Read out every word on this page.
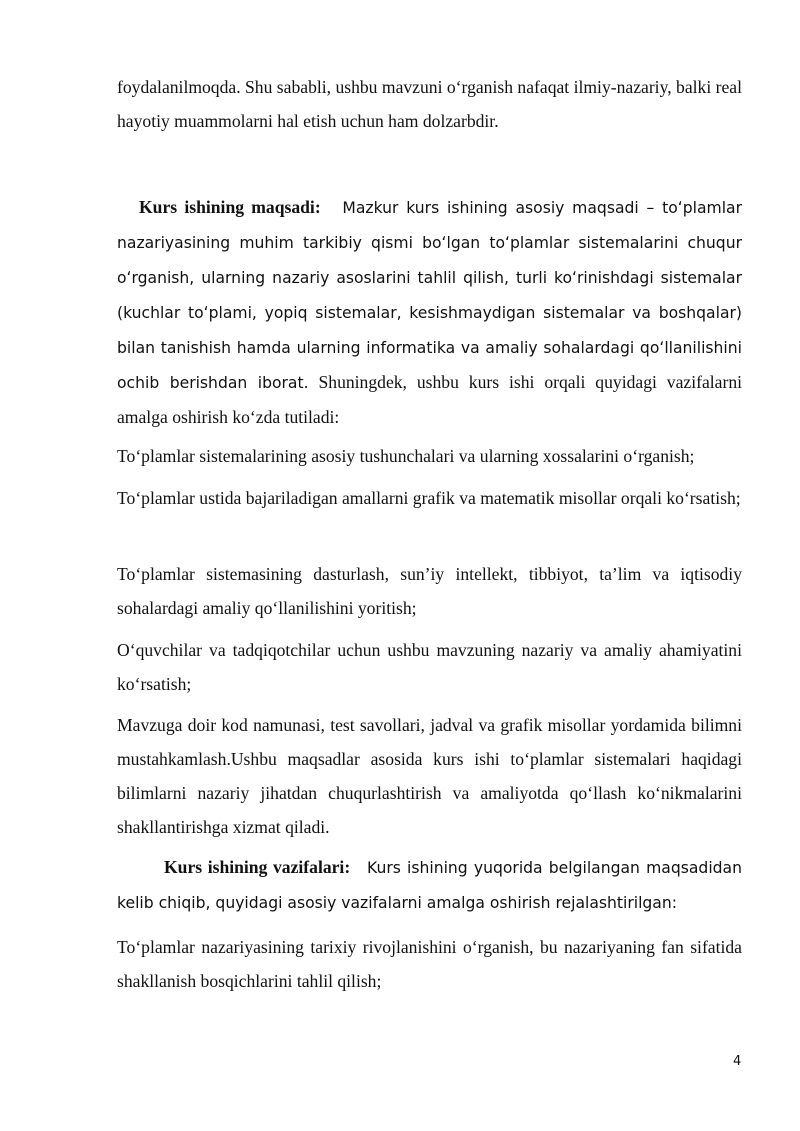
foydalanilmoqda. Shu sababli, ushbu mavzuni o‘rganish nafaqat ilmiy-nazariy, balki real hayotiy muammolarni hal etish uchun ham dolzarbdir.

Kurs ishining maqsadi: Mazkur kurs ishining asosiy maqsadi – toʻplamlar nazariyasining muhim tarkibiy qismi boʻlgan toʻplamlar sistemalarini chuqur oʻrganish, ularning nazariy asoslarini tahlil qilish, turli koʻrinishdagi sistemalar (kuchlar toʻplami, yopiq sistemalar, kesishmaydigan sistemalar va boshqalar) bilan tanishish hamda ularning informatika va amaliy sohalardagi qoʻllanilishini ochib berishdan iborat. Shuningdek, ushbu kurs ishi orqali quyidagi vazifalarni amalga oshirish koʻzda tutiladi:

To‘plamlar sistemalarining asosiy tushunchalari va ularning xossalarini o‘rganish;

To‘plamlar ustida bajariladigan amallarni grafik va matematik misollar orqali ko‘rsatish;

To‘plamlar sistemasining dasturlash, sun’iy intellekt, tibbiyot, ta’lim va iqtisodiy sohalardagi amaliy qo‘llanilishini yoritish;

O‘quvchilar va tadqiqotchilar uchun ushbu mavzuning nazariy va amaliy ahamiyatini ko‘rsatish;

Mavzuga doir kod namunasi, test savollari, jadval va grafik misollar yordamida bilimni mustahkamlash.Ushbu maqsadlar asosida kurs ishi to‘plamlar sistemalari haqidagi bilimlarni nazariy jihatdan chuqurlashtirish va amaliyotda qo‘llash ko‘nikmalarini shakllantirishga xizmat qiladi.

Kurs ishining vazifalari: Kurs ishining yuqorida belgilangan maqsadidan kelib chiqib, quyidagi asosiy vazifalarni amalga oshirish rejalashtirilgan:

To‘plamlar nazariyasining tarixiy rivojlanishini o‘rganish, bu nazariyaning fan sifatida shakllanish bosqichlarini tahlil qilish;

4
